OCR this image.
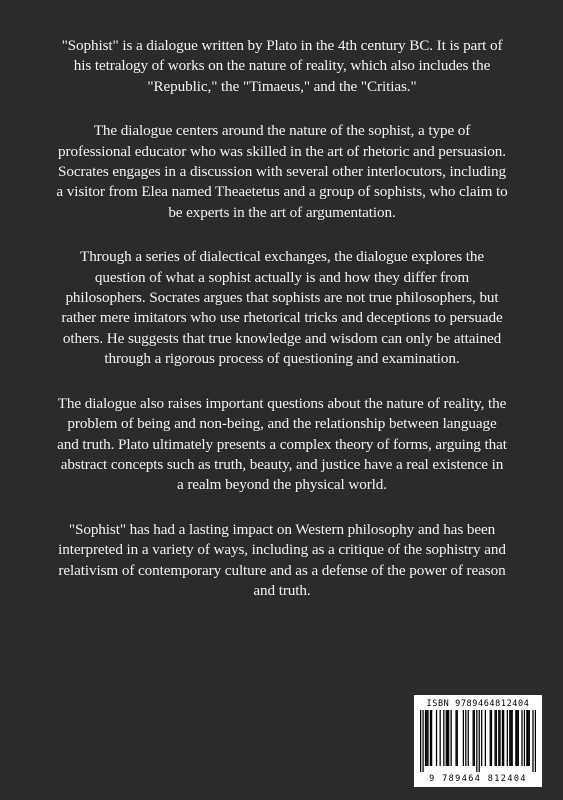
"Sophist" is a dialogue written by Plato in the 4th century BC. It is part of his tetralogy of works on the nature of reality, which also includes the "Republic," the "Timaeus," and the "Critias."

The dialogue centers around the nature of the sophist, a type of professional educator who was skilled in the art of rhetoric and persuasion. Socrates engages in a discussion with several other interlocutors, including a visitor from Elea named Theaetetus and a group of sophists, who claim to be experts in the art of argumentation.

Through a series of dialectical exchanges, the dialogue explores the question of what a sophist actually is and how they differ from philosophers. Socrates argues that sophists are not true philosophers, but rather mere imitators who use rhetorical tricks and deceptions to persuade others. He suggests that true knowledge and wisdom can only be attained through a rigorous process of questioning and examination.

The dialogue also raises important questions about the nature of reality, the problem of being and non-being, and the relationship between language and truth. Plato ultimately presents a complex theory of forms, arguing that abstract concepts such as truth, beauty, and justice have a real existence in a realm beyond the physical world.

"Sophist" has had a lasting impact on Western philosophy and has been interpreted in a variety of ways, including as a critique of the sophistry and relativism of contemporary culture and as a defense of the power of reason and truth.

ISBN 9789464812404
9 789464 812404
